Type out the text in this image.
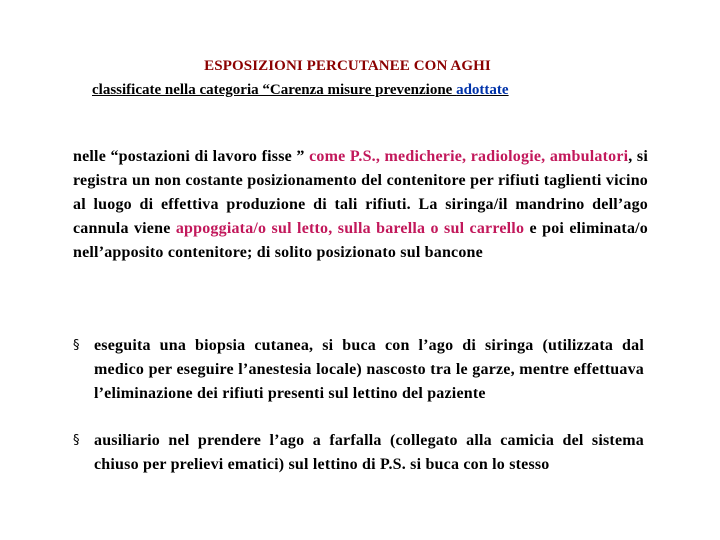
ESPOSIZIONI PERCUTANEE CON AGHI
classificate nella categoria “Carenza misure prevenzione adottate
nelle “postazioni di lavoro fisse ” come P.S., medicherie, radiologie, ambulatori, si registra un non costante posizionamento del contenitore per rifiuti taglienti vicino al luogo di effettiva produzione di tali rifiuti. La siringa/il mandrino dell’ago cannula viene appoggiata/o sul letto, sulla barella o sul carrello e poi eliminata/o nell’apposito contenitore; di solito posizionato sul bancone
§ eseguita una biopsia cutanea, si buca con l’ago di siringa (utilizzata dal medico per eseguire l’anestesia locale) nascosto tra le garze, mentre effettuava l’eliminazione dei rifiuti presenti sul lettino del paziente
§ ausiliario nel prendere l’ago a farfalla (collegato alla camicia del sistema chiuso per prelievi ematici) sul lettino di P.S. si buca con lo stesso
